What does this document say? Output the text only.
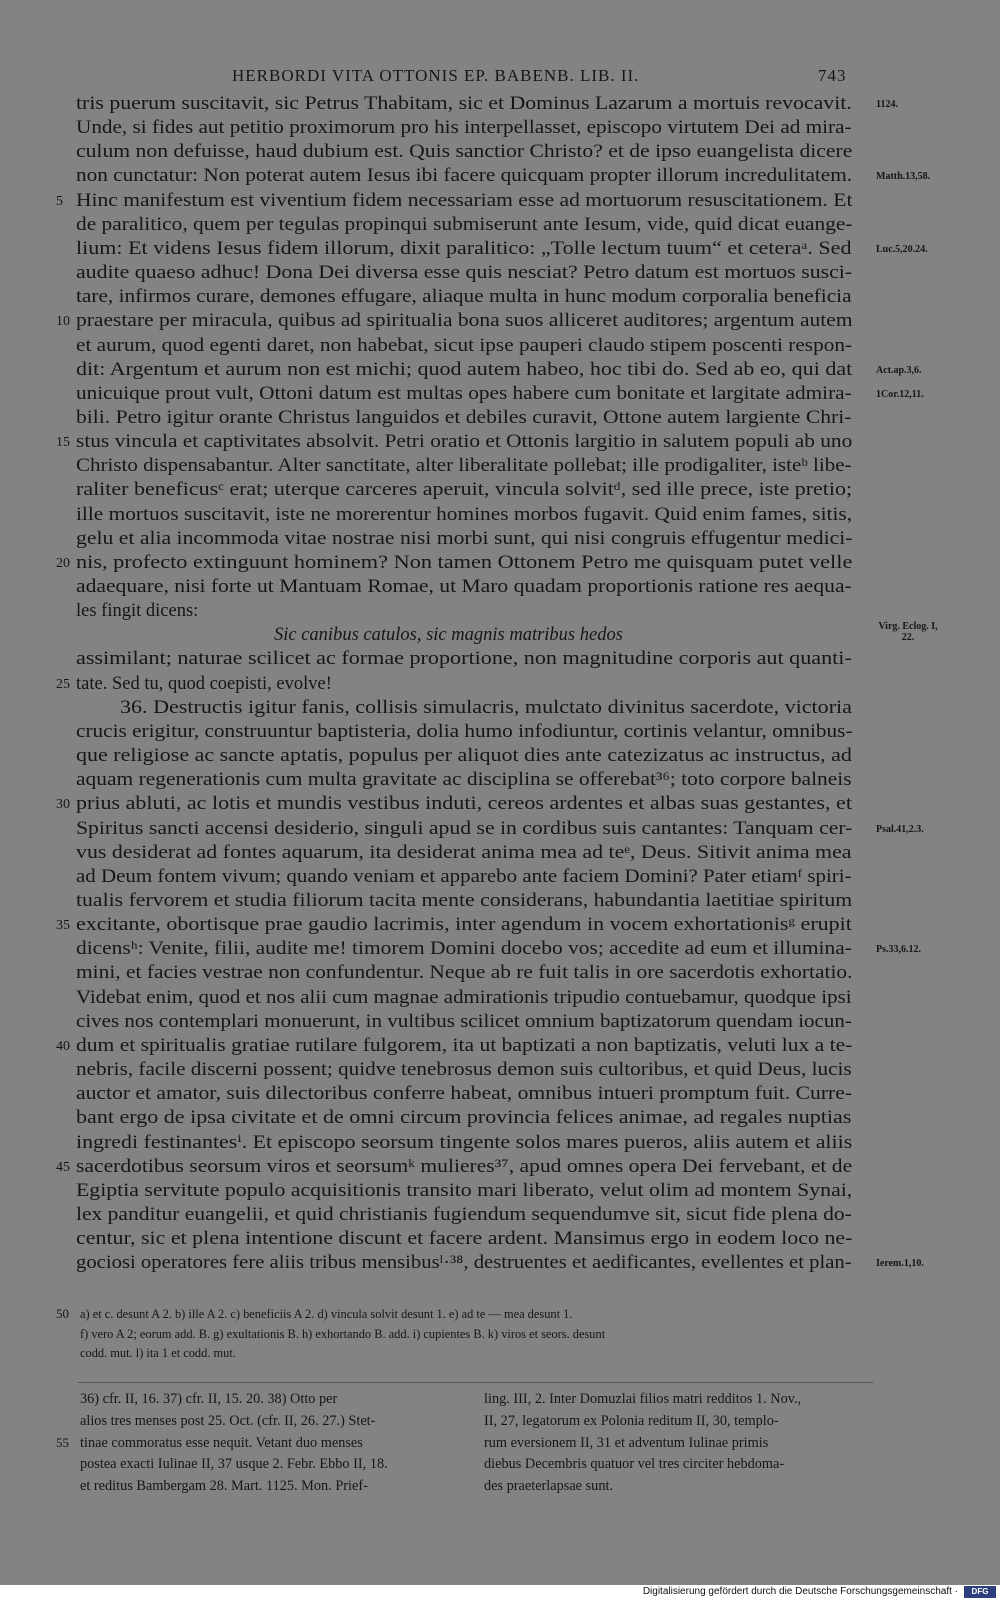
HERBORDI VITA OTTONIS EP. BABENB. LIB. II.	743
tris puerum suscitavit, sic Petrus Thabitam, sic et Dominus Lazarum a mortuis revocavit. 1124.
Unde, si fides aut petitio proximorum pro his interpellasset, episcopo virtutem Dei ad mira-
culum non defuisse, haud dubium est. Quis sanctior Christo? et de ipso euangelista dicere
non cunctatur: Non poterat autem Iesus ibi facere quicquam propter illorum incredulitatem. Matth.13,58.
Hinc manifestum est viventium fidem necessariam esse ad mortuorum resuscitationem. Et
5
de paralitico, quem per tegulas propinqui submiserunt ante Iesum, vide, quid dicat euange-
lium: Et videns Iesus fidem illorum, dixit paralitico: „Tolle lectum tuum“ et ceteraᵃ. Sed Luc.5,20.24.
audite quaeso adhuc! Dona Dei diversa esse quis nesciat? Petro datum est mortuos susci-
tare, infirmos curare, demones effugare, aliaque multa in hunc modum corporalia beneficia
praestare per miracula, quibus ad spiritualia bona suos alliceret auditores; argentum autem
10
et aurum, quod egenti daret, non habebat, sicut ipse pauperi claudo stipem poscenti respon-
dit: Argentum et aurum non est michi; quod autem habeo, hoc tibi do. Sed ab eo, qui dat Act.ap.3,6.
unicuique prout vult, Ottoni datum est multas opes habere cum bonitate et largitate admira- 1Cor.12,11.
bili. Petro igitur orante Christus languidos et debiles curavit, Ottone autem largiente Chri-
stus vincula et captivitates absolvit. Petri oratio et Ottonis largitio in salutem populi ab uno
15
Christo dispensabantur. Alter sanctitate, alter liberalitate pollebat; ille prodigaliter, isteᵇ libe-
raliter beneficusᶜ erat; uterque carceres aperuit, vincula solvitᵈ, sed ille prece, iste pretio;
ille mortuos suscitavit, iste ne morerentur homines morbos fugavit. Quid enim fames, sitis,
gelu et alia incommoda vitae nostrae nisi morbi sunt, qui nisi congruis effugentur medici-
nis, profecto extinguunt hominem? Non tamen Ottonem Petro me quisquam putet velle
20
adaequare, nisi forte ut Mantuam Romae, ut Maro quadam proportionis ratione res aequa-
les fingit dicens:
Sic canibus catulos, sic magnis matribus hedos	Virg. Eclog. I, 22.
assimilant; naturae scilicet ac formae proportione, non magnitudine corporis aut quanti-
tate. Sed tu, quod coepisti, evolve!
25
36. Destructis igitur fanis, collisis simulacris, mulctato divinitus sacerdote, victoria
crucis erigitur, construuntur baptisteria, dolia humo infodiuntur, cortinis velantur, omnibus-
que religiose ac sancte aptatis, populus per aliquot dies ante catezizatus ac instructus, ad
aquam regenerationis cum multa gravitate ac disciplina se offerebat³⁶; toto corpore balneis
prius abluti, ac lotis et mundis vestibus induti, cereos ardentes et albas suas gestantes, et
30
Spiritus sancti accensi desiderio, singuli apud se in cordibus suis cantantes: Tanquam cer- Psal.41,2.3.
vus desiderat ad fontes aquarum, ita desiderat anima mea ad teᵉ, Deus. Sitivit anima mea
ad Deum fontem vivum; quando veniam et apparebo ante faciem Domini? Pater etiamᶠ spiri-
tualis fervorem et studia filiorum tacita mente considerans, habundantia laetitiae spiritum
excitante, obortisque prae gaudio lacrimis, inter agendum in vocem exhortationisᵍ erupit
35
dicensʰ: Venite, filii, audite me! timorem Domini docebo vos; accedite ad eum et illumina- Ps.33,6.12.
mini, et facies vestrae non confundentur. Neque ab re fuit talis in ore sacerdotis exhortatio.
Videbat enim, quod et nos alii cum magnae admirationis tripudio contuebamur, quodque ipsi
cives nos contemplari monuerunt, in vultibus scilicet omnium baptizatorum quendam iocun-
dum et spiritualis gratiae rutilare fulgorem, ita ut baptizati a non baptizatis, veluti lux a te-
40
nebris, facile discerni possent; quidve tenebrosus demon suis cultoribus, et quid Deus, lucis
auctor et amator, suis dilectoribus conferre habeat, omnibus intueri promptum fuit. Curre-
bant ergo de ipsa civitate et de omni circum provincia felices animae, ad regales nuptias
ingredi festinantesⁱ. Et episcopo seorsum tingente solos mares pueros, aliis autem et aliis
sacerdotibus seorsum viros et seorsumᵏ mulieres³⁷, apud omnes opera Dei fervebant, et de
45
Egiptia servitute populo acquisitionis transito mari liberato, velut olim ad montem Synai,
lex panditur euangelii, et quid christianis fugiendum sequendumve sit, sicut fide plena do-
centur, sic et plena intentione discunt et facere ardent. Mansimus ergo in eodem loco ne-
gociosi operatores fere aliis tribus mensibusˡ·³⁸, destruentes et aedificantes, evellentes et plan- Ierem.1,10.
a) et c. desunt A 2. b) ille A 2. c) beneficiis A 2. d) vincula solvit desunt 1. e) ad te — mea desunt 1.
f) vero A 2; eorum add. B. g) exultationis B. h) exhortando B. add. i) cupientes B. k) viros et seors. desunt
codd. mut. l) ita 1 et codd. mut.
50
36) cfr. II, 16. 37) cfr. II, 15. 20. 38) Otto per
alios tres menses post 25. Oct. (cfr. II, 26. 27.) Stet-
tinae commoratus esse nequit. Vetant duo menses
postea exacti Iulinae II, 37 usque 2. Febr. Ebbo II, 18.
et reditus Bambergam 28. Mart. 1125. Mon. Prief-
ling. III, 2. Inter Domuzlai filios matri redditos 1. Nov.,
II, 27, legatorum ex Polonia reditum II, 30, templo-
rum eversionem II, 31 et adventum Iulinae primis
diebus Decembris quatuor vel tres circiter hebdoma-
des praeterlapsae sunt.
55
Digitalisierung gefördert durch die Deutsche Forschungsgemeinschaft ·	DFG
